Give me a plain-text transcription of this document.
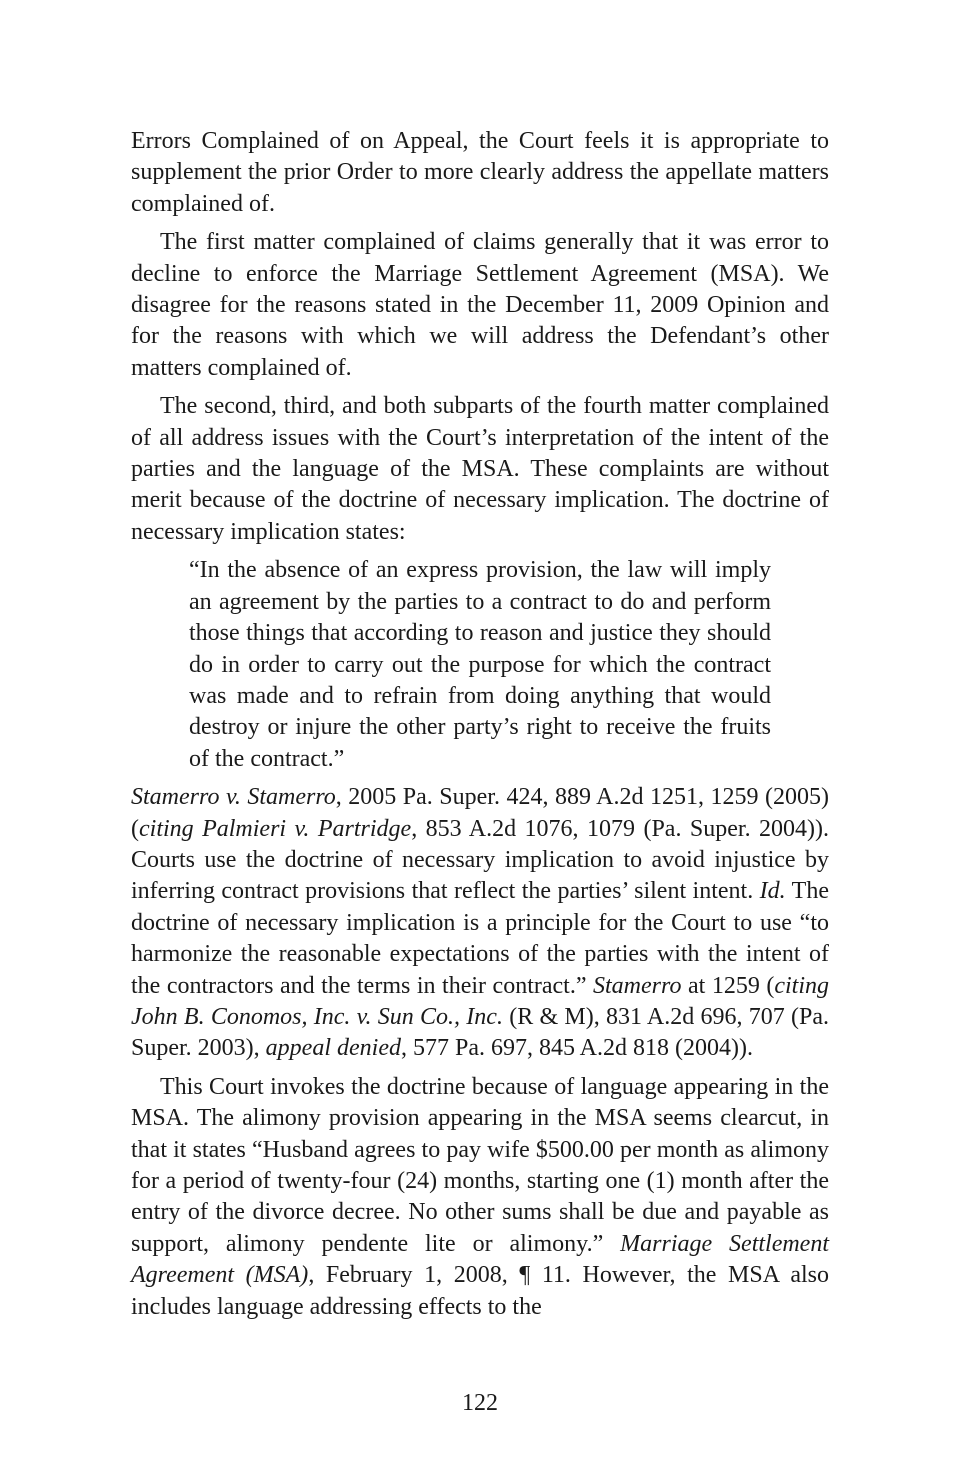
Errors Complained of on Appeal, the Court feels it is appropriate to supplement the prior Order to more clearly address the appellate matters complained of.

The first matter complained of claims generally that it was error to decline to enforce the Marriage Settlement Agreement (MSA). We disagree for the reasons stated in the December 11, 2009 Opinion and for the reasons with which we will address the Defendant’s other matters complained of.

The second, third, and both subparts of the fourth matter complained of all address issues with the Court’s interpretation of the intent of the parties and the language of the MSA. These complaints are without merit because of the doctrine of necessary implication. The doctrine of necessary implication states:

“In the absence of an express provision, the law will imply an agreement by the parties to a contract to do and perform those things that according to reason and justice they should do in order to carry out the purpose for which the contract was made and to refrain from doing anything that would destroy or injure the other party’s right to receive the fruits of the contract.”

Stamerro v. Stamerro, 2005 Pa. Super. 424, 889 A.2d 1251, 1259 (2005) (citing Palmieri v. Partridge, 853 A.2d 1076, 1079 (Pa. Super. 2004)). Courts use the doctrine of necessary implication to avoid injustice by inferring contract provisions that reflect the parties’ silent intent. Id. The doctrine of necessary implication is a principle for the Court to use “to harmonize the reasonable expectations of the parties with the intent of the contractors and the terms in their contract.” Stamerro at 1259 (citing John B. Conomos, Inc. v. Sun Co., Inc. (R & M), 831 A.2d 696, 707 (Pa. Super. 2003), appeal denied, 577 Pa. 697, 845 A.2d 818 (2004)).

This Court invokes the doctrine because of language appearing in the MSA. The alimony provision appearing in the MSA seems clearcut, in that it states “Husband agrees to pay wife $500.00 per month as alimony for a period of twenty-four (24) months, starting one (1) month after the entry of the divorce decree. No other sums shall be due and payable as support, alimony pendente lite or alimony.” Marriage Settlement Agreement (MSA), February 1, 2008, ¶ 11. However, the MSA also includes language addressing effects to the

122
